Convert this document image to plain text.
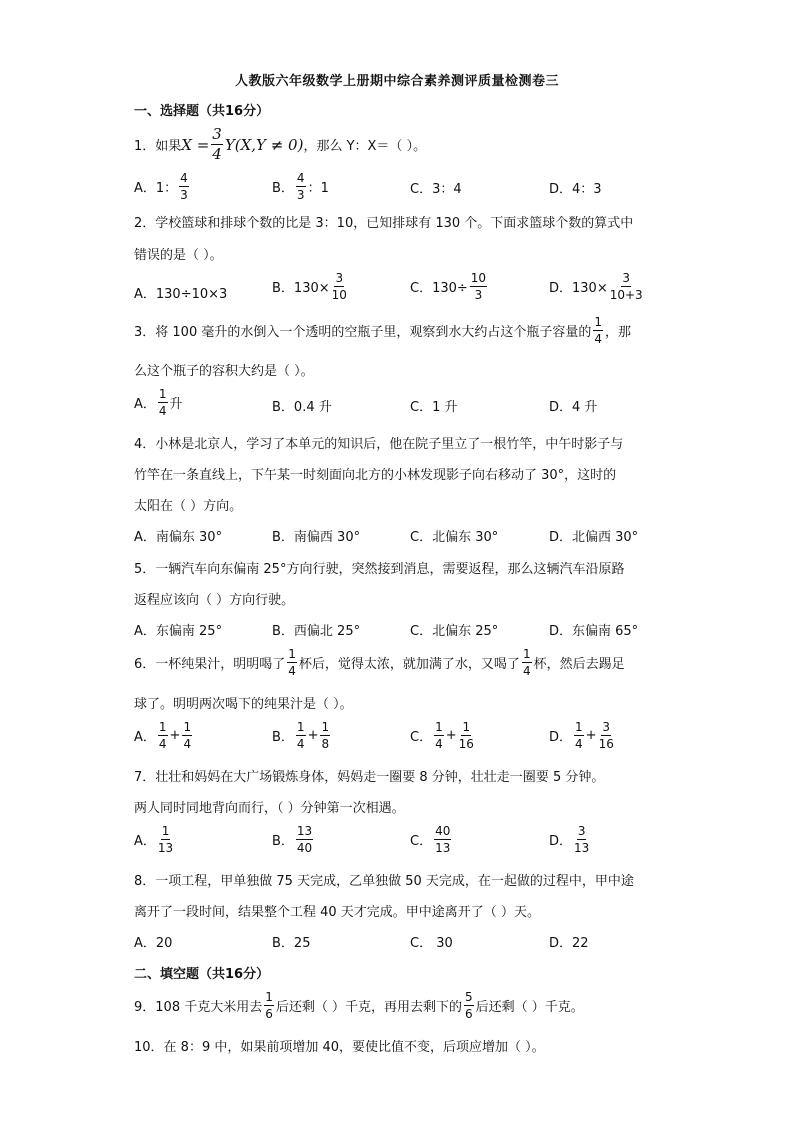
人教版六年级数学上册期中综合素养测评质量检测卷三
一、选择题（共16分）
1．如果 $X = \frac{3}{4} Y(X,Y \ne 0)$ ，那么 Y：X＝（ ）。
A．1： $\frac{4}{3}$	B． $\frac{4}{3}$ ：1	C．3：4	D．4：3
2．学校篮球和排球个数的比是 3：10，已知排球有 130 个。下面求篮球个数的算式中
错误的是（ ）。
A．130÷10×3	B．$130\times \frac{3}{10}$	C．$130\div \frac{10}{3}$	D．$130\times \frac{3}{10+3}$
3．将 100 毫升的水倒入一个透明的空瓶子里，观察到水大约占这个瓶子容量的 $\frac{1}{4}$ ，那
么这个瓶子的容积大约是（ ）。
A． $\frac{1}{4}$ 升	B．0.4 升	C．1 升	D．4 升
4．小林是北京人，学习了本单元的知识后，他在院子里立了一根竹竿，中午时影子与
竹竿在一条直线上，下午某一时刻面向北方的小林发现影子向右移动了 30°，这时的
太阳在（ ）方向。
A．南偏东 30°	B．南偏西 30°	C．北偏东 30°	D．北偏西 30°
5．一辆汽车向东偏南 25°方向行驶，突然接到消息，需要返程，那么这辆汽车沿原路
返程应该向（ ）方向行驶。
A．东偏南 25°	B．西偏北 25°	C．北偏东 25°	D．东偏南 65°
6．一杯纯果汁，明明喝了 $\frac{1}{4}$ 杯后，觉得太浓，就加满了水，又喝了 $\frac{1}{4}$ 杯，然后去踢足
球了。明明两次喝下的纯果汁是（ ）。
A． $\frac{1}{4} + \frac{1}{4}$	B． $\frac{1}{4} + \frac{1}{8}$	C． $\frac{1}{4} + \frac{1}{16}$	D． $\frac{1}{4} + \frac{3}{16}$
7．壮壮和妈妈在大广场锻炼身体，妈妈走一圈要 8 分钟，壮壮走一圈要 5 分钟。
两人同时同地背向而行，（ ）分钟第一次相遇。
A． $\frac{1}{13}$	B． $\frac{13}{40}$	C． $\frac{40}{13}$	D． $\frac{3}{13}$
8．一项工程，甲单独做 75 天完成，乙单独做 50 天完成，在一起做的过程中，甲中途
离开了一段时间，结果整个工程 40 天才完成。甲中途离开了（ ）天。
A．20	B．25	C． 30	D．22
二、填空题（共16分）
9．108 千克大米用去 $\frac{1}{6}$ 后还剩（ ）千克，再用去剩下的 $\frac{5}{6}$ 后还剩（ ）千克。
10．在 8：9 中，如果前项增加 40，要使比值不变，后项应增加（ ）。
